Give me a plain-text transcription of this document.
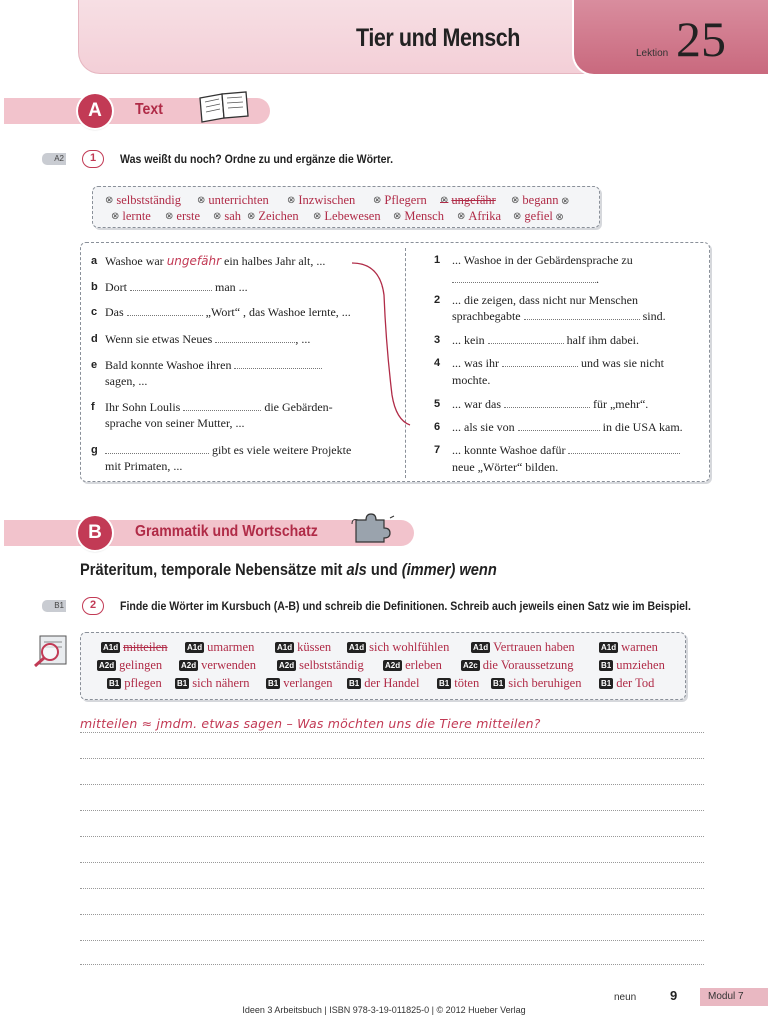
Tier und Mensch
Lektion 25
A	Text
A2	1	Was weißt du noch? Ordne zu und ergänze die Wörter.
⊗ selbstständig	⊗ unterrichten	⊗ Inzwischen	⊗ Pflegern	⊗ ungefähr	⊗ begann ⊗
⊗ lernte	⊗ erste	⊗ sah	⊗ Zeichen	⊗ Lebewesen	⊗ Mensch	⊗ Afrika	⊗ gefiel ⊗
a Washoe war ungefähr ein halbes Jahr alt, ...
b Dort	man ...
c Das	„Wort“ , das Washoe lernte, ...
d Wenn sie etwas Neues	, ...
e Bald konnte Washoe ihren
sagen, ...
f Ihr Sohn Loulis	die Gebärden-
sprache von seiner Mutter, ...
g	gibt es viele weitere Projekte
mit Primaten, ...
1 ... Washoe in der Gebärdensprache zu
.
2 ... die zeigen, dass nicht nur Menschen
sprachbegabte	sind.
3 ... kein	half ihm dabei.
4 ... was ihr	und was sie nicht
mochte.
5 ... war das	für „mehr“.
6 ... als sie von	in die USA kam.
7 ... konnte Washoe dafür
neue „Wörter“ bilden.
B	Grammatik und Wortschatz
Präteritum, temporale Nebensätze mit als und (immer) wenn
B1	2	Finde die Wörter im Kursbuch (A-B) und schreib die Definitionen. Schreib auch jeweils einen Satz wie im Beispiel.
A1d mitteilen A1d umarmen	A1d küssen A1d sich wohlfühlen	A1d Vertrauen haben	A1d warnen
A2d gelingen A2d verwenden	A2d selbstständig	A2d erleben	A2c die Voraussetzung	B1 umziehen
B1 pflegen B1 sich nähern B1 verlangen B1 der Handel B1 töten B1 sich beruhigen B1 der Tod
mitteilen ≈ jmdm. etwas sagen – Was möchten uns die Tiere mitteilen?
neun	9	Modul 7
Ideen 3 Arbeitsbuch | ISBN 978-3-19-011825-0 | © 2012 Hueber Verlag
